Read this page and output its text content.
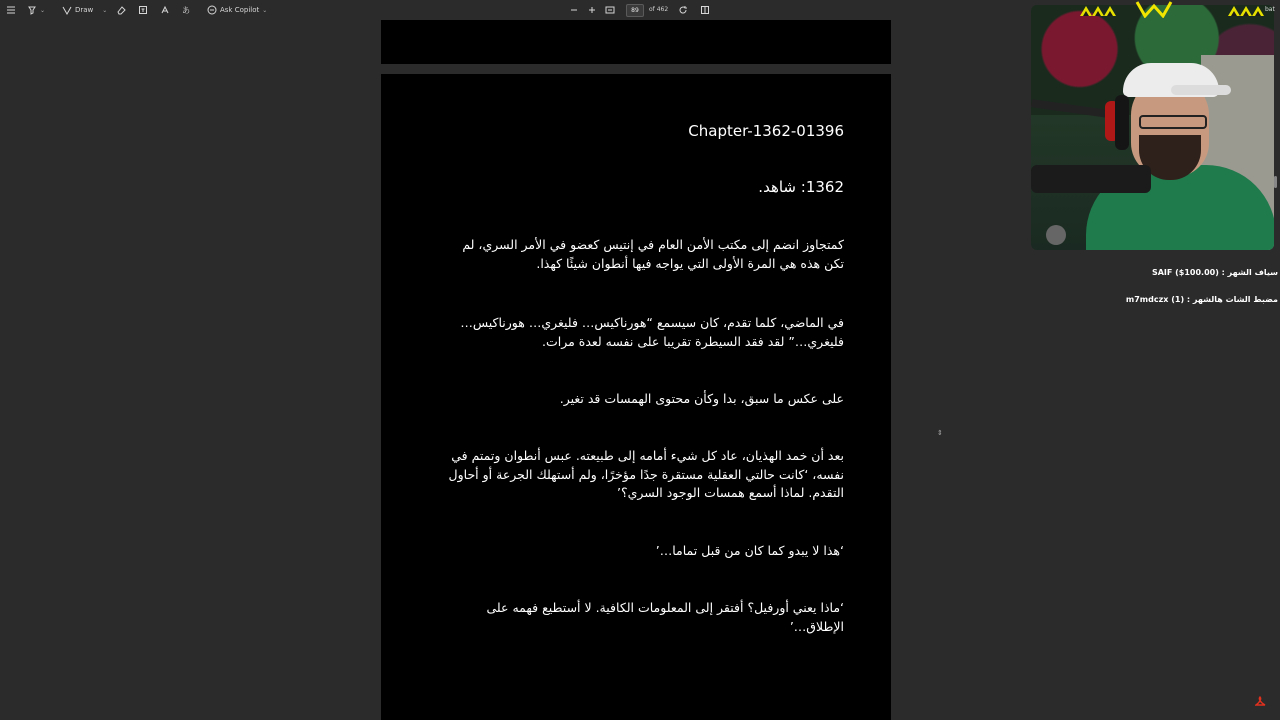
⌄	Draw ⌄	あ	Ask Copilot ⌄	89	of 462
Chapter-1362-01396
1362: شاهد.
كمتجاوز انضم إلى مكتب الأمن العام في إنتيس كعضو في الأمر السري، لم تكن هذه هي المرة الأولى التي يواجه فيها أنطوان شيئًا كهذا.
في الماضي، كلما تقدم، كان سيسمع “هورناكيس… فليغري… هورناكيس… فليغري…” لقد فقد السيطرة تقريبا على نفسه لعدة مرات.
على عكس ما سبق، بدا وكأن محتوى الهمسات قد تغير.
بعد أن خمد الهذيان، عاد كل شيء أمامه إلى طبيعته. عبس أنطوان وتمتم في نفسه، ‘كانت حالتي العقلية مستقرة جدًا مؤخرًا، ولم أستهلك الجرعة أو أحاول التقدم. لماذا أسمع همسات الوجود السري؟’
‘هذا لا يبدو كما كان من قبل تماما…’
‘ماذا يعني أورفيل؟ أفتقر إلى المعلومات الكافية. لا أستطيع فهمه على الإطلاق…’
⇕
bat
SAIF ($100.00) : سياف الشهر
m7mdczx (1) : مضبط الشات هالشهر
